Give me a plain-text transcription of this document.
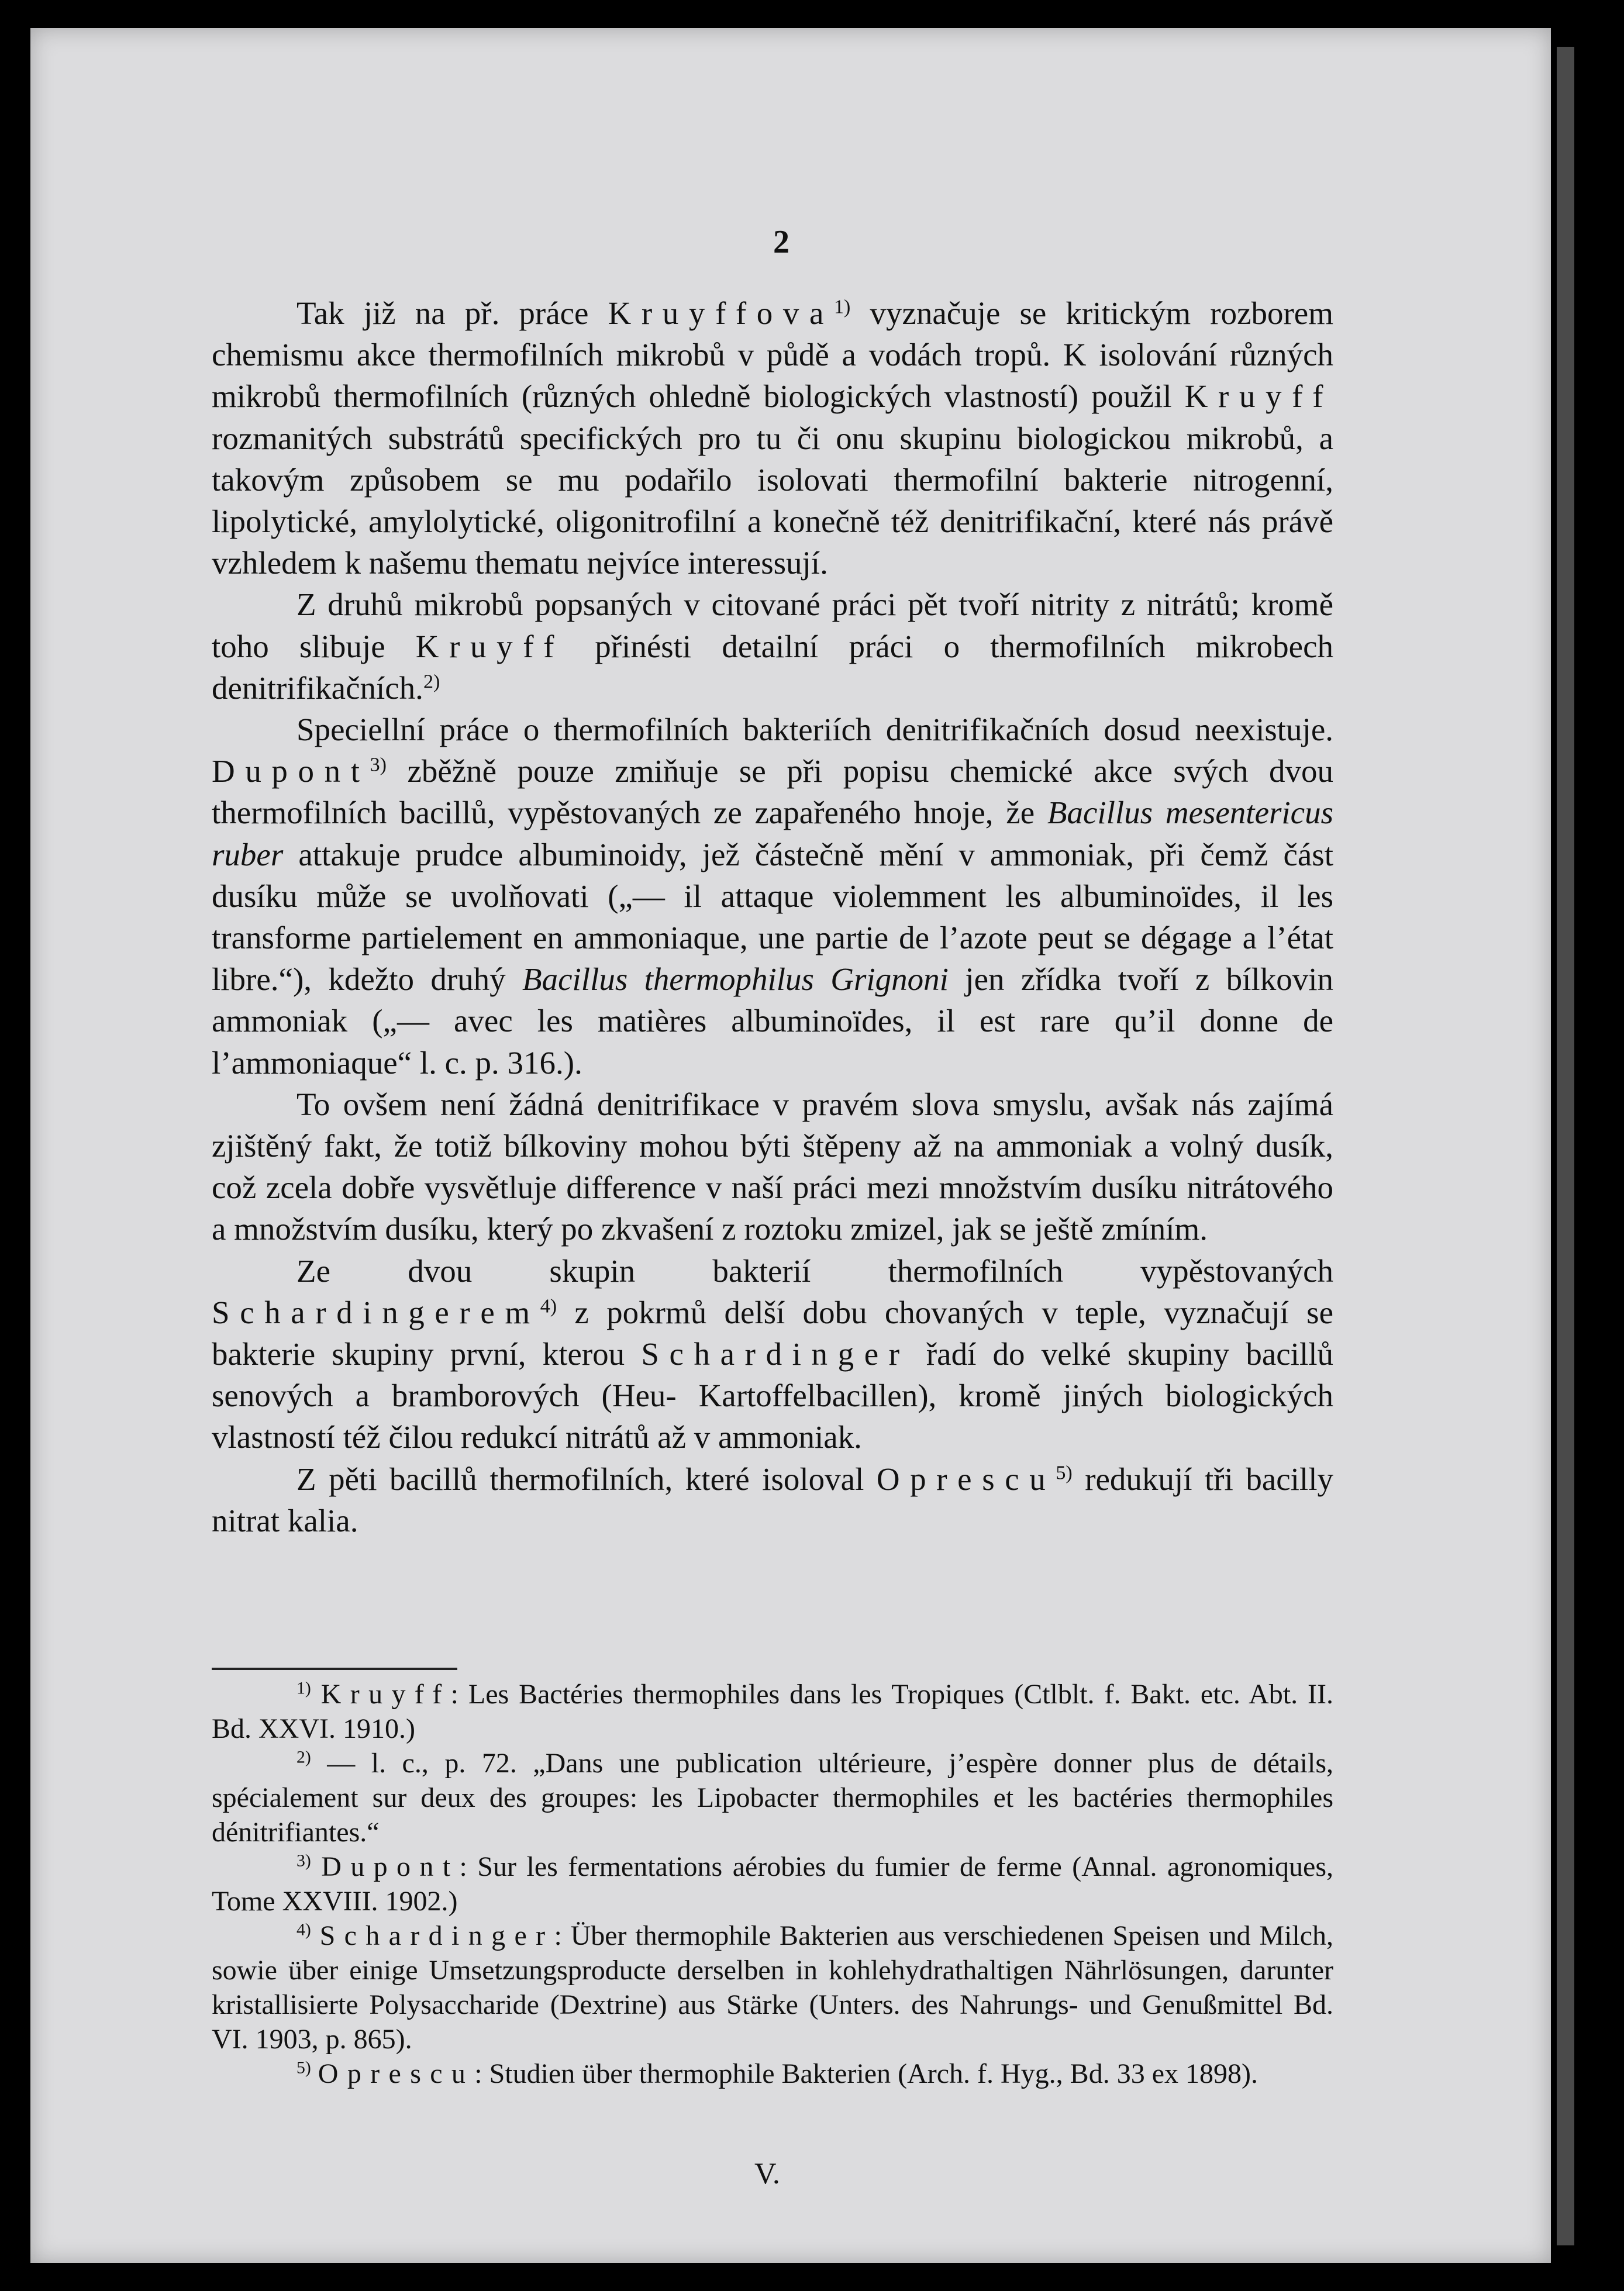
2

Tak již na př. práce Kruyffova$^{1)}$ vyznačuje se kritickým rozborem chemismu akce thermofilních mikrobů v půdě a vodách tropů. K isolování různých mikrobů thermofilních (různých ohledně biologických vlastností) použil Kruyff rozmanitých substrátů specifických pro tu či onu skupinu biologickou mikrobů, a takovým způsobem se mu podařilo isolovati thermofilní bakterie nitrogenní, lipolytické, amylolytické, oligonitrofilní a konečně též denitrifikační, které nás právě vzhledem k našemu thematu nejvíce interessují.

Z druhů mikrobů popsaných v citované práci pět tvoří nitrity z nitrátů; kromě toho slibuje Kruyff přinésti detailní práci o thermofilních mikrobech denitrifikačních.$^{2)}$

Speciellní práce o thermofilních bakteriích denitrifikačních dosud neexistuje. Dupont$^{3)}$ zběžně pouze zmiňuje se při popisu chemické akce svých dvou thermofilních bacillů, vypěstovaných ze zapařeného hnoje, že Bacillus mesentericus ruber attakuje prudce albuminoidy, jež částečně mění v ammoniak, při čemž část dusíku může se uvolňovati („— il attaque violemment les albuminoïdes, il les transforme partielement en ammoniaque, une partie de l’azote peut se dégage a l’état libre.“), kdežto druhý Bacillus thermophilus Grignoni jen zřídka tvoří z bílkovin ammoniak („— avec les matières albuminoïdes, il est rare qu’il donne de l’ammoniaque“ l. c. p. 316.).

To ovšem není žádná denitrifikace v pravém slova smyslu, avšak nás zajímá zjištěný fakt, že totiž bílkoviny mohou býti štěpeny až na ammoniak a volný dusík, což zcela dobře vysvětluje difference v naší práci mezi množstvím dusíku nitrátového a množstvím dusíku, který po zkvašení z roztoku zmizel, jak se ještě zmíním.

Ze dvou skupin bakterií thermofilních vypěstovaných Schardingerem$^{4)}$ z pokrmů delší dobu chovaných v teple, vyznačují se bakterie skupiny první, kterou Schardinger řadí do velké skupiny bacillů senových a bramborových (Heu- Kartoffelbacillen), kromě jiných biologických vlastností též čilou redukcí nitrátů až v ammoniak.

Z pěti bacillů thermofilních, které isoloval Oprescu$^{5)}$ redukují tři bacilly nitrat kalia.

$^{1)}$ Kruyff: Les Bactéries thermophiles dans les Tropiques (Ctlblt. f. Bakt. etc. Abt. II. Bd. XXVI. 1910.)

$^{2)}$ — l. c., p. 72. „Dans une publication ultérieure, j’espère donner plus de détails, spécialement sur deux des groupes: les Lipobacter thermophiles et les bactéries thermophiles dénitrifiantes.“

$^{3)}$ Dupont: Sur les fermentations aérobies du fumier de ferme (Annal. agronomiques, Tome XXVIII. 1902.)

$^{4)}$ Schardinger: Über thermophile Bakterien aus verschiedenen Speisen und Milch, sowie über einige Umsetzungsproducte derselben in kohlehydrathaltigen Nährlösungen, darunter kristallisierte Polysaccharide (Dextrine) aus Stärke (Unters. des Nahrungs- und Genußmittel Bd. VI. 1903, p. 865).

$^{5)}$ Oprescu: Studien über thermophile Bakterien (Arch. f. Hyg., Bd. 33 ex 1898).

V.
